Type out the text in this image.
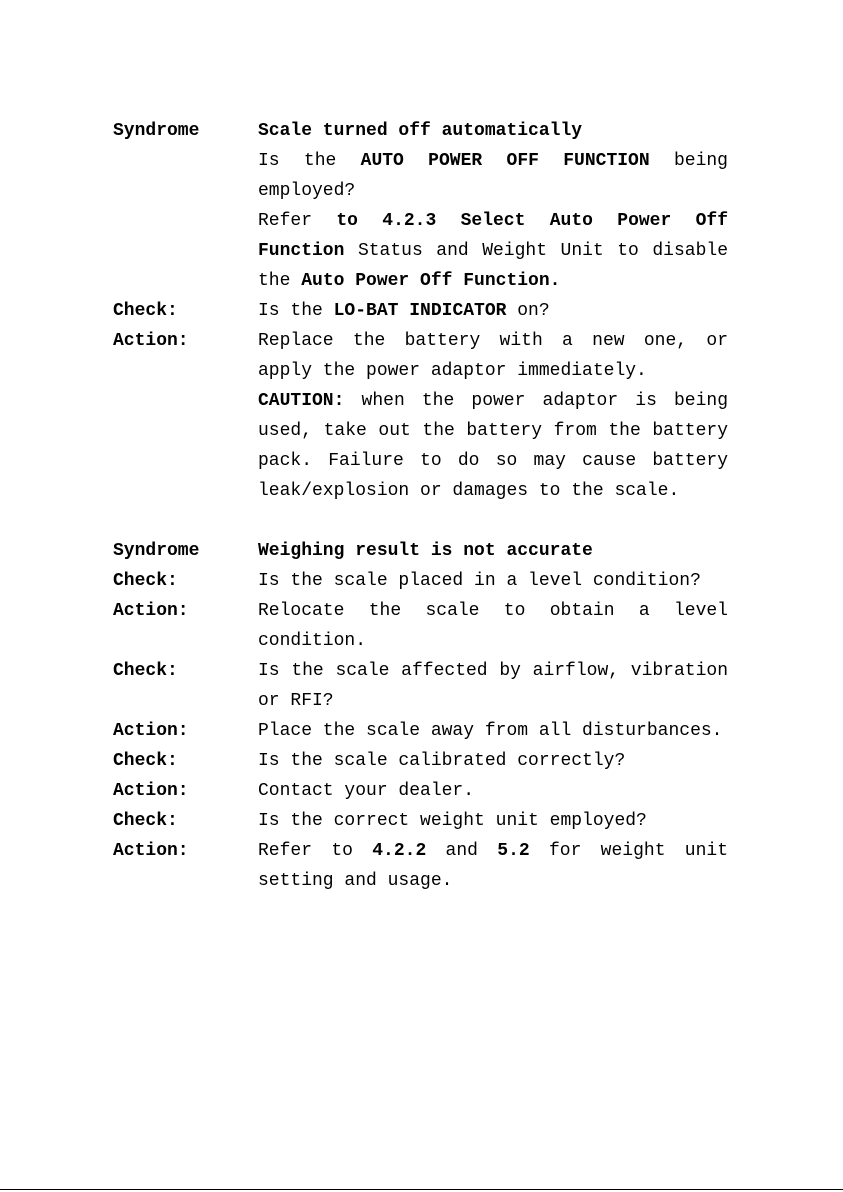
Syndrome	Scale turned off automatically
Is the AUTO POWER OFF FUNCTION being employed?
Refer to 4.2.3 Select Auto Power Off Function Status and Weight Unit to disable the Auto Power Off Function.
Check:	Is the LO-BAT INDICATOR on?
Action:	Replace the battery with a new one, or apply the power adaptor immediately.
CAUTION: when the power adaptor is being used, take out the battery from the battery pack. Failure to do so may cause battery leak/explosion or damages to the scale.
Syndrome	Weighing result is not accurate
Check:	Is the scale placed in a level condition?
Action:	Relocate the scale to obtain a level condition.
Check:	Is the scale affected by airflow, vibration or RFI?
Action:	Place the scale away from all disturbances.
Check:	Is the scale calibrated correctly?
Action:	Contact your dealer.
Check:	Is the correct weight unit employed?
Action:	Refer to 4.2.2 and 5.2 for weight unit setting and usage.
